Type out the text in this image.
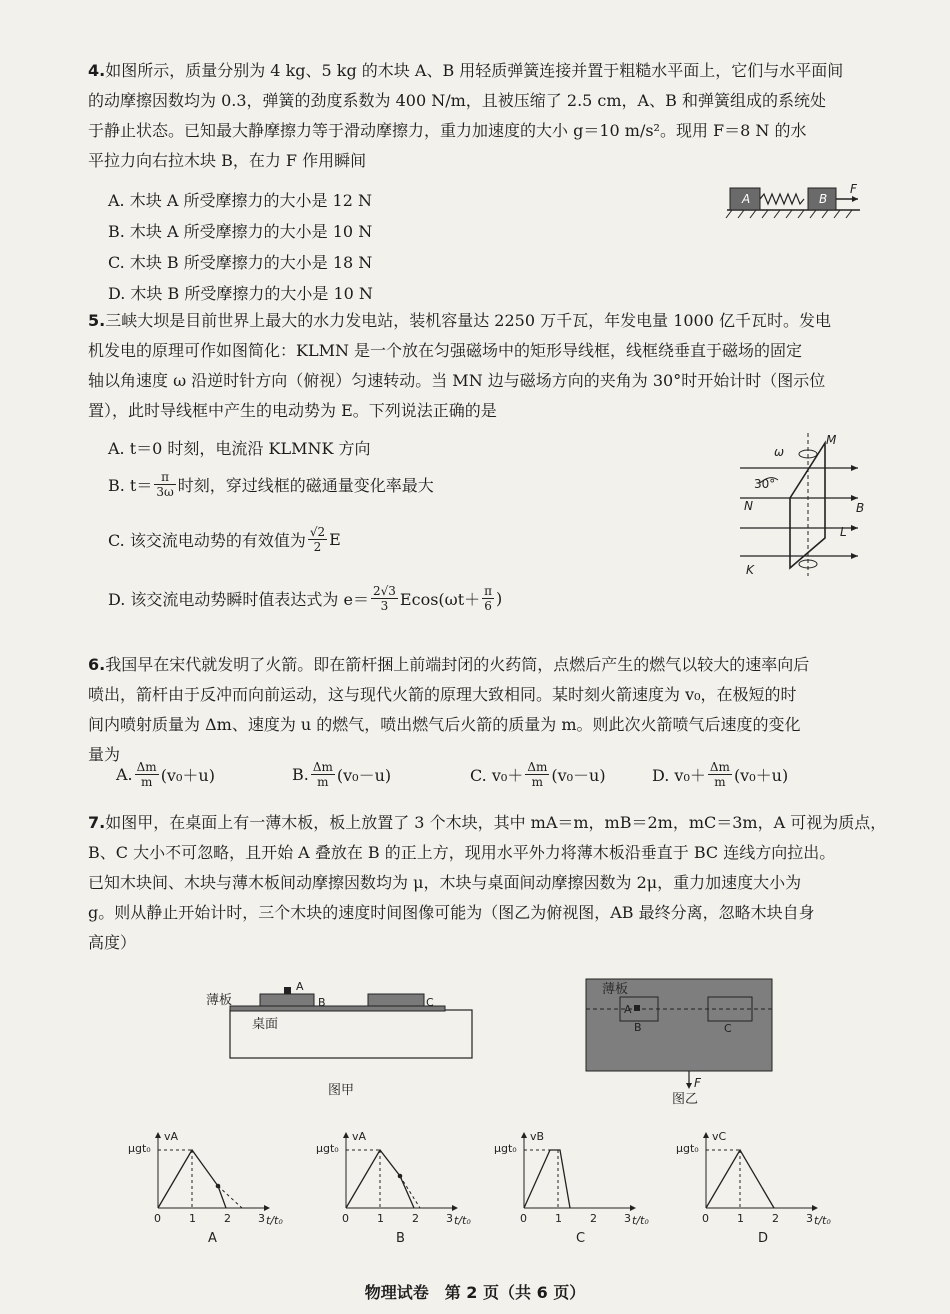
4.如图所示，质量分别为 4 kg、5 kg 的木块 A、B 用轻质弹簧连接并置于粗糙水平面上，它们与水平面间
的动摩擦因数均为 0.3，弹簧的劲度系数为 400 N/m，且被压缩了 2.5 cm，A、B 和弹簧组成的系统处
于静止状态。已知最大静摩擦力等于滑动摩擦力，重力加速度的大小 g＝10 m/s²。现用 F＝8 N 的水
平拉力向右拉木块 B，在力 F 作用瞬间
A. 木块 A 所受摩擦力的大小是 12 N
B. 木块 A 所受摩擦力的大小是 10 N
C. 木块 B 所受摩擦力的大小是 18 N
D. 木块 B 所受摩擦力的大小是 10 N
A	B
F
5.三峡大坝是目前世界上最大的水力发电站，装机容量达 2250 万千瓦，年发电量 1000 亿千瓦时。发电
机发电的原理可作如图简化：KLMN 是一个放在匀强磁场中的矩形导线框，线框绕垂直于磁场的固定
轴以角速度 ω 沿逆时针方向（俯视）匀速转动。当 MN 边与磁场方向的夹角为 30°时开始计时（图示位
置），此时导线框中产生的电动势为 E。下列说法正确的是
A. t＝0 时刻，电流沿 KLMNK 方向
B. $t= \frac{\pi}{3\omega}$ 时刻，穿过线框的磁通量变化率最大
C. 该交流电动势的有效值为 $\frac{√2}{2}$ E
D. 该交流电动势瞬时值表达式为 $e= \frac{2√3}{3} Ecos(\omega t+ \frac{\pi}{6}$ )
ω
30°
M
N	B
L
K
6.我国早在宋代就发明了火箭。即在箭杆捆上前端封闭的火药筒，点燃后产生的燃气以较大的速率向后
喷出，箭杆由于反冲而向前运动，这与现代火箭的原理大致相同。某时刻火箭速度为 v₀，在极短的时
间内喷射质量为 Δm、速度为 u 的燃气，喷出燃气后火箭的质量为 m。则此次火箭喷气后速度的变化
量为
A. $\frac{\Delta m}{m} (v_0+u)$	B. $\frac{\Delta m}{m} (v_0-u)$	C. $v_0+ \frac{\Delta m}{m} (v_0-u)$	D. $v_0+ \frac{\Delta m}{m} (v_0+u)$
7.如图甲，在桌面上有一薄木板，板上放置了 3 个木块，其中 mA＝m，mB＝2m，mC＝3m，A 可视为质点，
B、C 大小不可忽略，且开始 A 叠放在 B 的正上方，现用水平外力将薄木板沿垂直于 BC 连线方向拉出。
已知木块间、木块与薄木板间动摩擦因数均为 μ，木块与桌面间动摩擦因数为 2μ，重力加速度大小为
g。则从静止开始计时，三个木块的速度时间图像可能为（图乙为俯视图，AB 最终分离，忽略木块自身
高度）
薄板
桌面
A
B	C
图甲
薄板
A
B	C
F
图乙
μgt₀
vA
0	1	2 3 t/t₀
A
μgt₀
vA
0	1	2 3 t/t₀
B
μgt₀
vB
0	1	2 3 t/t₀
C
μgt₀
vC
0	1	2 3 t/t₀
D
物理试卷　第 2 页（共 6 页）
